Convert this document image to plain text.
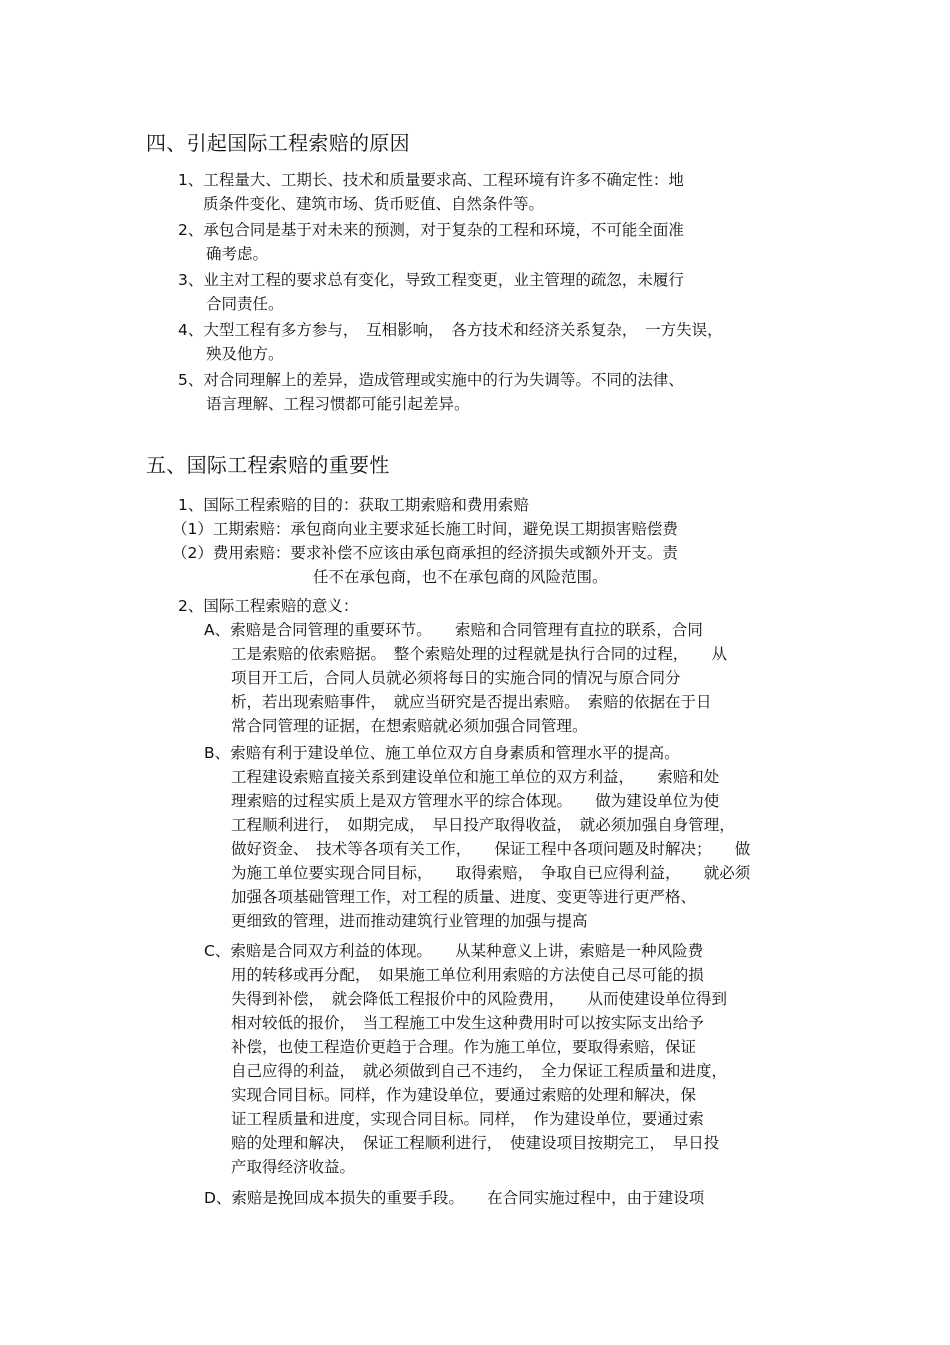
四、引起国际工程索赔的原因
1、工程量大、工期长、技术和质量要求高、工程环境有许多不确定性：地
质条件变化、建筑市场、货币贬值、自然条件等。
2、承包合同是基于对未来的预测，对于复杂的工程和环境，不可能全面准
确考虑。
3、业主对工程的要求总有变化，导致工程变更，业主管理的疏忽，未履行
合同责任。
4、大型工程有多方参与，　互相影响，　各方技术和经济关系复杂，　一方失误，
殃及他方。
5、对合同理解上的差异，造成管理或实施中的行为失调等。不同的法律、
语言理解、工程习惯都可能引起差异。
五、国际工程索赔的重要性
1、国际工程索赔的目的：获取工期索赔和费用索赔
（1）工期索赔：承包商向业主要求延长施工时间，避免误工期损害赔偿费
（2）费用索赔：要求补偿不应该由承包商承担的经济损失或额外开支。责
任不在承包商，也不在承包商的风险范围。
2、国际工程索赔的意义：
A、索赔是合同管理的重要环节。　　索赔和合同管理有直拉的联系，合同
工是索赔的依索赔据。　整个索赔处理的过程就是执行合同的过程，　　从
项目开工后，合同人员就必须将每日的实施合同的情况与原合同分
析，若出现索赔事件，　就应当研究是否提出索赔。　索赔的依据在于日
常合同管理的证据，在想索赔就必须加强合同管理。
B、索赔有利于建设单位、施工单位双方自身素质和管理水平的提高。
工程建设索赔直接关系到建设单位和施工单位的双方利益，　　索赔和处
理索赔的过程实质上是双方管理水平的综合体现。　　做为建设单位为使
工程顺利进行，　如期完成，　早日投产取得收益，　就必须加强自身管理，
做好资金、　技术等各项有关工作，　　保证工程中各项问题及时解决；　　做
为施工单位要实现合同目标，　　取得索赔，　争取自已应得利益，　　就必须
加强各项基础管理工作，对工程的质量、进度、变更等进行更严格、
更细致的管理，进而推动建筑行业管理的加强与提高
C、索赔是合同双方利益的体现。　　从某种意义上讲，索赔是一种风险费
用的转移或再分配，　如果施工单位利用索赔的方法使自己尽可能的损
失得到补偿，　就会降低工程报价中的风险费用，　　从而使建设单位得到
相对较低的报价，　当工程施工中发生这种费用时可以按实际支出给予
补偿，也使工程造价更趋于合理。作为施工单位，要取得索赔，保证
自己应得的利益，　就必须做到自己不违约，　全力保证工程质量和进度，
实现合同目标。同样，作为建设单位，要通过索赔的处理和解决，保
证工程质量和进度，实现合同目标。同样，　作为建设单位，要通过索
赔的处理和解决，　保证工程顺利进行，　使建设项目按期完工，　早日投
产取得经济收益。
D、索赔是挽回成本损失的重要手段。　　在合同实施过程中，由于建设项
